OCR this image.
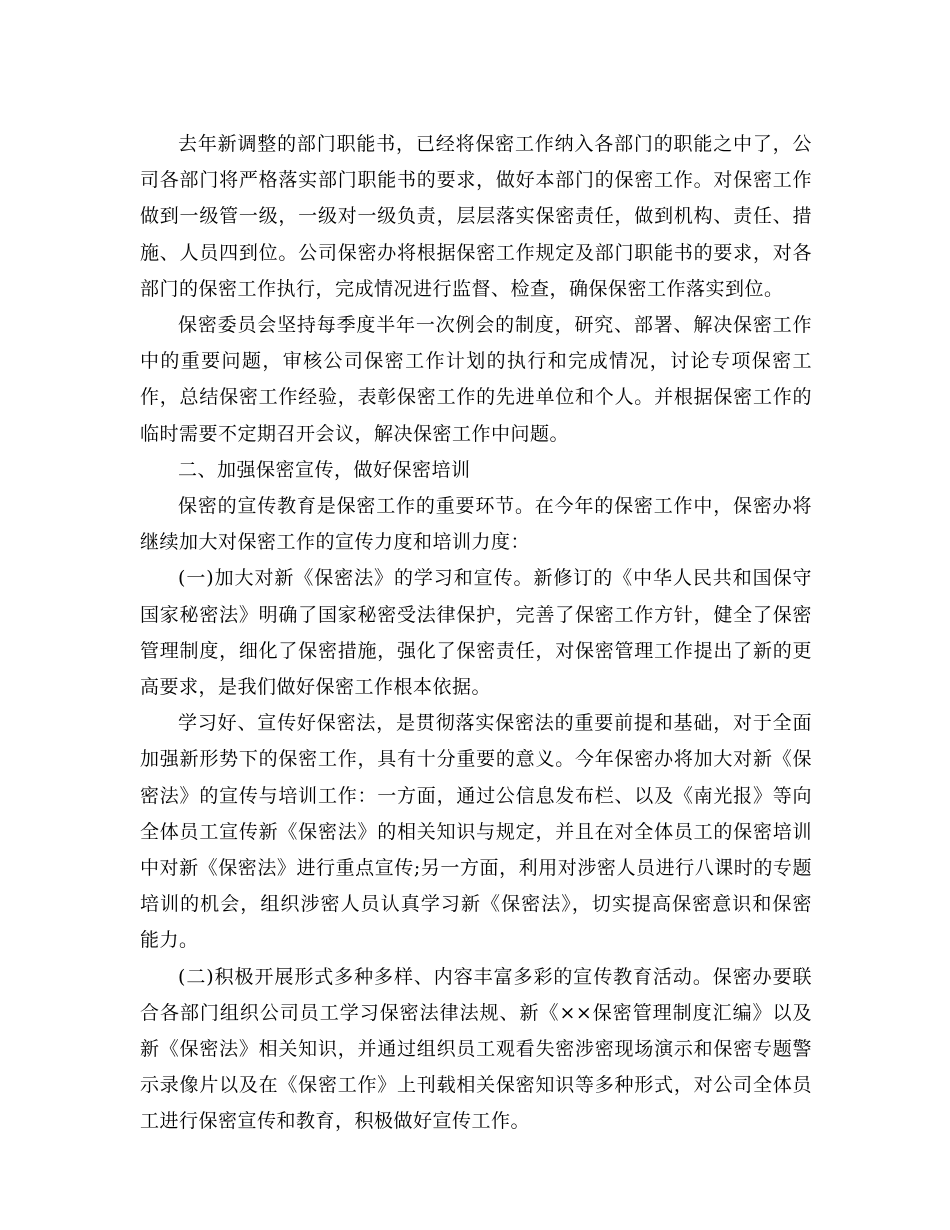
去年新调整的部门职能书，已经将保密工作纳入各部门的职能之中了，公司各部门将严格落实部门职能书的要求，做好本部门的保密工作。对保密工作做到一级管一级，一级对一级负责，层层落实保密责任，做到机构、责任、措施、人员四到位。公司保密办将根据保密工作规定及部门职能书的要求，对各部门的保密工作执行，完成情况进行监督、检查，确保保密工作落实到位。

保密委员会坚持每季度半年一次例会的制度，研究、部署、解决保密工作中的重要问题，审核公司保密工作计划的执行和完成情况，讨论专项保密工作，总结保密工作经验，表彰保密工作的先进单位和个人。并根据保密工作的临时需要不定期召开会议，解决保密工作中问题。

二、加强保密宣传，做好保密培训

保密的宣传教育是保密工作的重要环节。在今年的保密工作中，保密办将继续加大对保密工作的宣传力度和培训力度：

(一)加大对新《保密法》的学习和宣传。新修订的《中华人民共和国保守国家秘密法》明确了国家秘密受法律保护，完善了保密工作方针，健全了保密管理制度，细化了保密措施，强化了保密责任，对保密管理工作提出了新的更高要求，是我们做好保密工作根本依据。

学习好、宣传好保密法，是贯彻落实保密法的重要前提和基础，对于全面加强新形势下的保密工作，具有十分重要的意义。今年保密办将加大对新《保密法》的宣传与培训工作：一方面，通过公信息发布栏、以及《南光报》等向全体员工宣传新《保密法》的相关知识与规定，并且在对全体员工的保密培训中对新《保密法》进行重点宣传;另一方面，利用对涉密人员进行八课时的专题培训的机会，组织涉密人员认真学习新《保密法》，切实提高保密意识和保密能力。

(二)积极开展形式多种多样、内容丰富多彩的宣传教育活动。保密办要联合各部门组织公司员工学习保密法律法规、新《××保密管理制度汇编》以及新《保密法》相关知识，并通过组织员工观看失密涉密现场演示和保密专题警示录像片以及在《保密工作》上刊载相关保密知识等多种形式，对公司全体员工进行保密宣传和教育，积极做好宣传工作。
